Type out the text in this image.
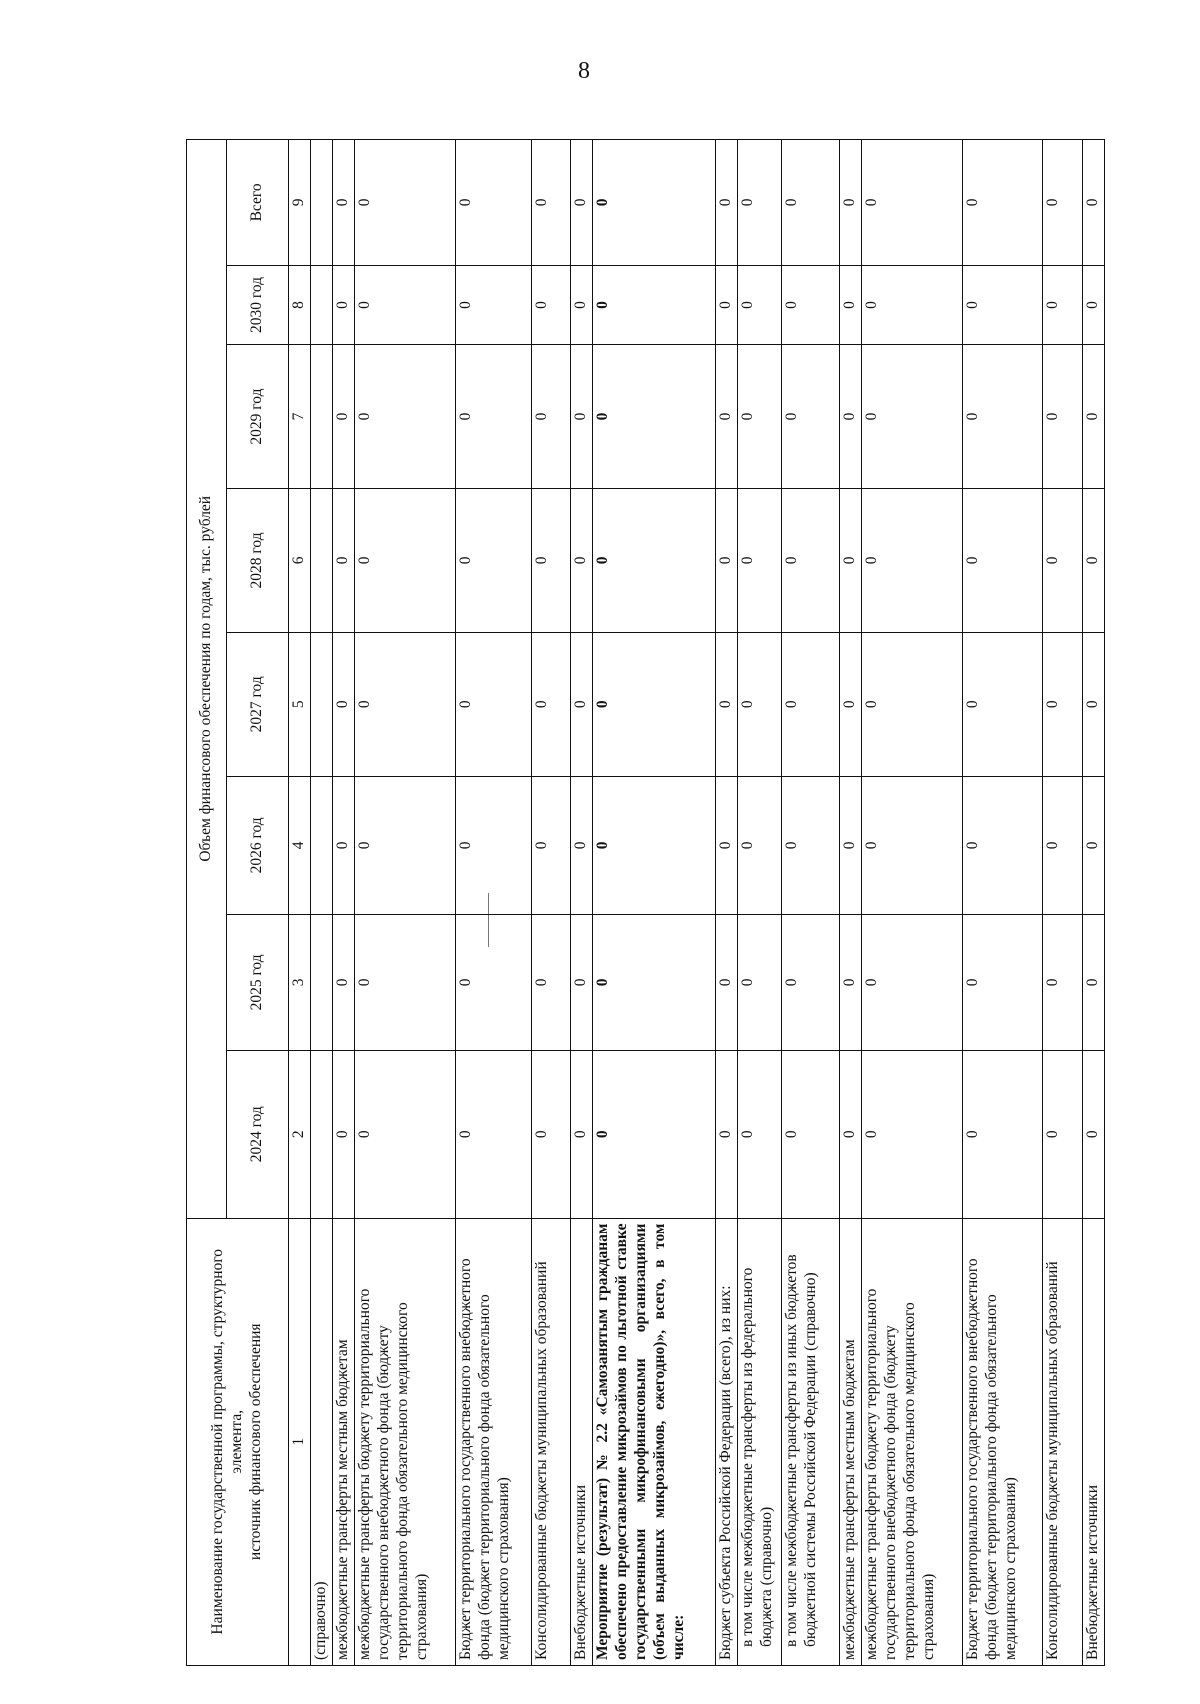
8
Наименование государственной программы, структурного элемента, источник финансового обеспечения	Объем финансового обеспечения по годам, тыс. рублей							
	2024 год	2025 год	2026 год	2027 год	2028 год	2029 год	2030 год	Всего
1	2	3	4	5	6	7	8	9
(справочно)								
межбюджетные трансферты местным бюджетам	0	0	0	0	0	0	0	0
межбюджетные трансферты бюджету территориального государственного внебюджетного фонда (бюджету территориального фонда обязательного медицинского страхования)	0	0	0	0	0	0	0	0
Бюджет территориального государственного внебюджетного фонда (бюджет территориального фонда обязательного медицинского страхования)	0	0	0	0	0	0	0	0
Консолидированные бюджеты муниципальных образований	0	0	0	0	0	0	0	0
Внебюджетные источники	0	0	0	0	0	0	0	0
Мероприятие (результат) № 2.2 «Самозанятым гражданам обеспечено предоставление микрозаймов по льготной ставке государственными микрофинансовыми организациями (объем выданных микрозаймов, ежегодно)», всего, в том числе:	0	0	0	0	0	0	0	0
Бюджет субъекта Российской Федерации (всего), из них:	0	0	0	0	0	0	0	0
в том числе межбюджетные трансферты из федерального бюджета (справочно)	0	0	0	0	0	0	0	0
в том числе межбюджетные трансферты из иных бюджетов бюджетной системы Российской Федерации (справочно)	0	0	0	0	0	0	0	0
межбюджетные трансферты местным бюджетам	0	0	0	0	0	0	0	0
межбюджетные трансферты бюджету территориального государственного внебюджетного фонда (бюджету территориального фонда обязательного медицинского страхования)	0	0	0	0	0	0	0	0
Бюджет территориального государственного внебюджетного фонда (бюджет территориального фонда обязательного медицинского страхования)	0	0	0	0	0	0	0	0
Консолидированные бюджеты муниципальных образований	0	0	0	0	0	0	0	0
Внебюджетные источники	0	0	0	0	0	0	0	0
